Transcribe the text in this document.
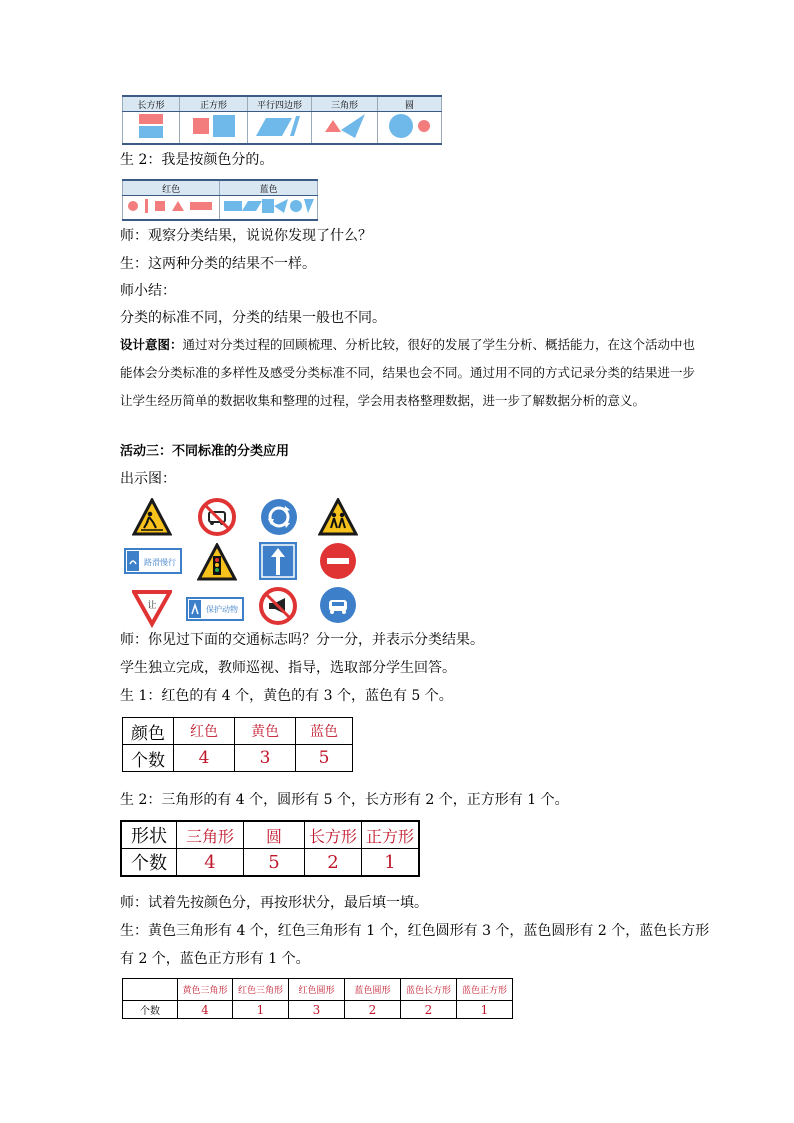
长方形	正方形	平行四边形	三角形	圆

生 2：我是按颜色分的。
红色	蓝色

师：观察分类结果，说说你发现了什么？
生：这两种分类的结果不一样。
师小结：
分类的标准不同，分类的结果一般也不同。
设计意图：通过对分类过程的回顾梳理、分析比较，很好的发展了学生分析、概括能力，在这个活动中也能体会分类标准的多样性及感受分类标准不同，结果也会不同。通过用不同的方式记录分类的结果进一步让学生经历简单的数据收集和整理的过程，学会用表格整理数据，进一步了解数据分析的意义。
活动三：不同标准的分类应用
出示图：
路滑慢行
让	保护动物
师：你见过下面的交通标志吗？分一分，并表示分类结果。
学生独立完成，教师巡视、指导，选取部分学生回答。
生 1：红色的有 4 个，黄色的有 3 个，蓝色有 5 个。
颜色	红色	黄色	蓝色
个数	4	3	5
生 2：三角形的有 4 个，圆形有 5 个，长方形有 2 个，正方形有 1 个。
形状	三角形	圆	长方形	正方形
个数	4	5	2	1
师：试着先按颜色分，再按形状分，最后填一填。
生：黄色三角形有 4 个，红色三角形有 1 个，红色圆形有 3 个，蓝色圆形有 2 个，蓝色长方形
有 2 个，蓝色正方形有 1 个。
	黄色三角形	红色三角形	红色圆形	蓝色圆形	蓝色长方形	蓝色正方形
个数	4	1	3	2	2	1
